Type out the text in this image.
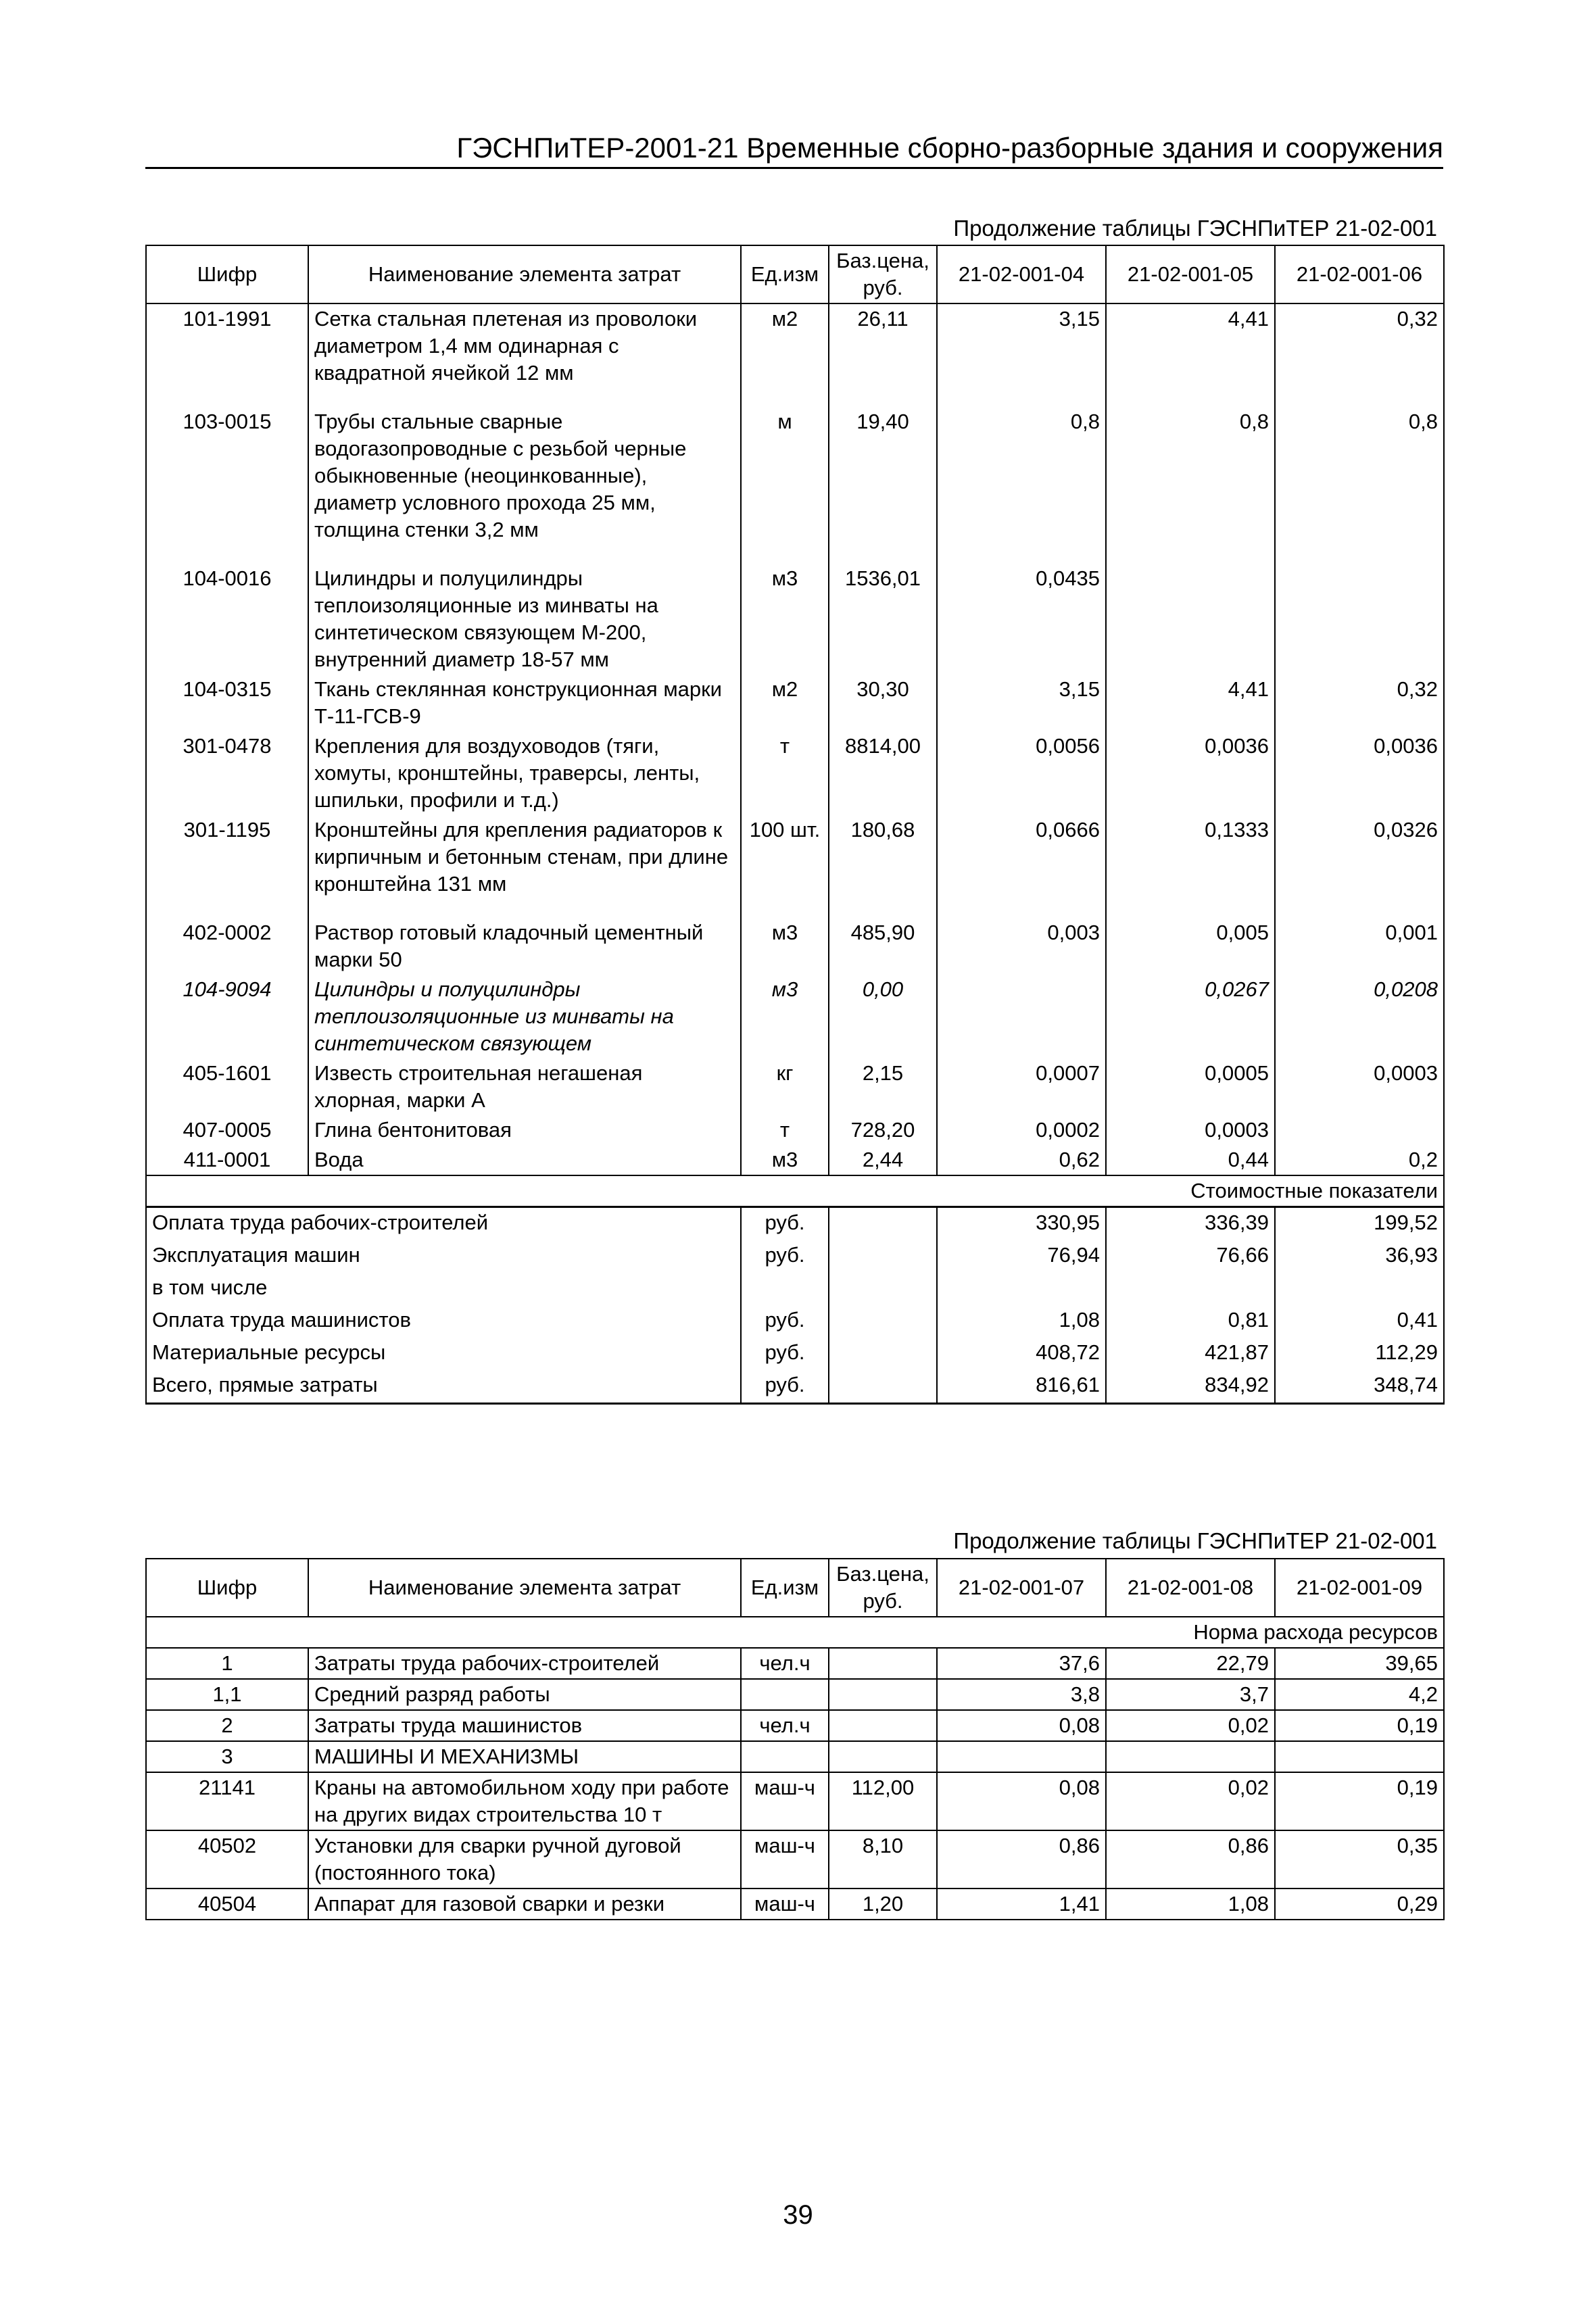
ГЭСНПиТЕР-2001-21 Временные сборно-разборные здания и сооружения
Продолжение таблицы ГЭСНПиТЕР 21-02-001
Шифр	Наименование элемента затрат	Ед.изм	Баз.цена, руб.	21-02-001-04	21-02-001-05	21-02-001-06
101-1991	Сетка стальная плетеная из проволоки диаметром 1,4 мм одинарная с квадратной ячейкой 12 мм	м2	26,11	3,15	4,41	0,32

103-0015	Трубы стальные сварные водогазопроводные с резьбой черные обыкновенные (неоцинкованные), диаметр условного прохода 25 мм, толщина стенки 3,2 мм	м	19,40	0,8	0,8	0,8

104-0016	Цилиндры и полуцилиндры теплоизоляционные из минваты на синтетическом связующем М-200, внутренний диаметр 18-57 мм	м3	1536,01	0,0435		
104-0315	Ткань стеклянная конструкционная марки Т-11-ГСВ-9	м2	30,30	3,15	4,41	0,32
301-0478	Крепления для воздуховодов (тяги, хомуты, кронштейны, траверсы, ленты, шпильки, профили и т.д.)	т	8814,00	0,0056	0,0036	0,0036
301-1195	Кронштейны для крепления радиаторов к кирпичным и бетонным стенам, при длине кронштейна 131 мм	100 шт.	180,68	0,0666	0,1333	0,0326

402-0002	Раствор готовый кладочный цементный марки 50	м3	485,90	0,003	0,005	0,001
104-9094	Цилиндры и полуцилиндры теплоизоляционные из минваты на синтетическом связующем	м3	0,00		0,0267	0,0208
405-1601	Известь строительная негашеная хлорная, марки А	кг	2,15	0,0007	0,0005	0,0003
407-0005	Глина бентонитовая	т	728,20	0,0002	0,0003	
411-0001	Вода	м3	2,44	0,62	0,44	0,2
Стоимостные показатели						
Оплата труда рабочих-строителей		руб.		330,95	336,39	199,52
Эксплуатация машин		руб.		76,94	76,66	36,93
в том числе						
Оплата труда машинистов		руб.		1,08	0,81	0,41
Материальные ресурсы		руб.		408,72	421,87	112,29
Всего, прямые затраты		руб.		816,61	834,92	348,74
Продолжение таблицы ГЭСНПиТЕР 21-02-001
Шифр	Наименование элемента затрат	Ед.изм	Баз.цена, руб.	21-02-001-07	21-02-001-08	21-02-001-09
Норма расхода ресурсов						
1	Затраты труда рабочих-строителей	чел.ч		37,6	22,79	39,65
1,1	Средний разряд работы			3,8	3,7	4,2
2	Затраты труда машинистов	чел.ч		0,08	0,02	0,19
3	МАШИНЫ И МЕХАНИЗМЫ					
21141	Краны на автомобильном ходу при работе на других видах строительства 10 т	маш-ч	112,00	0,08	0,02	0,19
40502	Установки для сварки ручной дуговой (постоянного тока)	маш-ч	8,10	0,86	0,86	0,35
40504	Аппарат для газовой сварки и резки	маш-ч	1,20	1,41	1,08	0,29
39
